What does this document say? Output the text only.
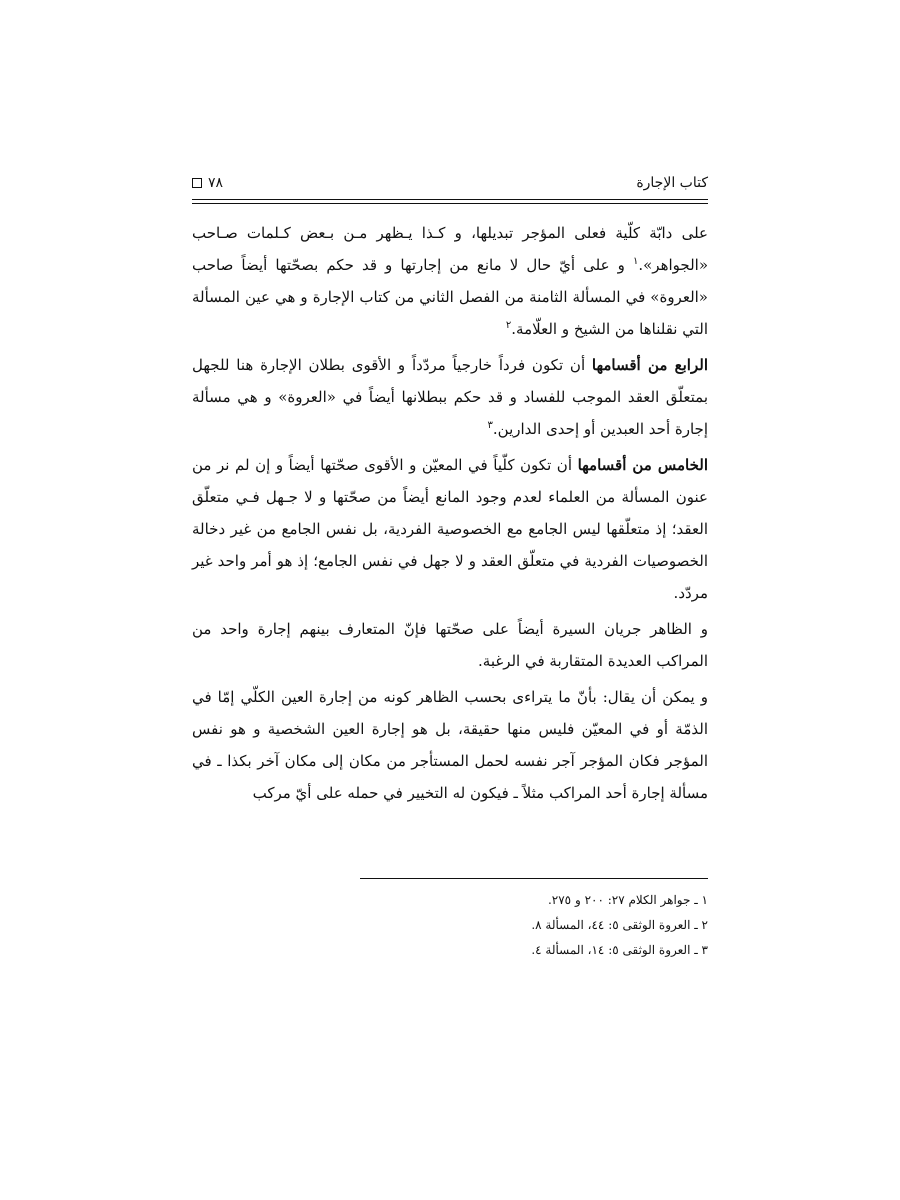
كتاب الإجارة
٧٨

على دابّة كلّية فعلى المؤجر تبديلها، و كـذا يـظهر مـن بـعض كـلمات صـاحب «الجواهر».$^١$ و على أيّ حال لا مانع من إجارتها و قد حكم بصحّتها أيضاً صاحب «العروة» في المسألة الثامنة من الفصل الثاني من كتاب الإجارة و هي عين المسألة التي نقلناها من الشيخ و العلّامة.$^٢$

الرابع من أقسامها أن تكون فرداً خارجياً مردّداً و الأقوى بطلان الإجارة هنا للجهل بمتعلّق العقد الموجب للفساد و قد حكم ببطلانها أيضاً في «العروة» و هي مسألة إجارة أحد العبدين أو إحدى الدارين.$^٣$

الخامس من أقسامها أن تكون كلّياً في المعيّن و الأقوى صحّتها أيضاً و إن لم نر من عنون المسألة من العلماء لعدم وجود المانع أيضاً من صحّتها و لا جـهل فـي متعلّق العقد؛ إذ متعلّقها ليس الجامع مع الخصوصية الفردية، بل نفس الجامع من غير دخالة الخصوصيات الفردية في متعلّق العقد و لا جهل في نفس الجامع؛ إذ هو أمر واحد غير مردّد.

و الظاهر جريان السيرة أيضاً على صحّتها فإنّ المتعارف بينهم إجارة واحد من المراكب العديدة المتقاربة في الرغبة.

و يمكن أن يقال: بأنّ ما يتراءى بحسب الظاهر كونه من إجارة العين الكلّي إمّا في الذمّة أو في المعيّن فليس منها حقيقة، بل هو إجارة العين الشخصية و هو نفس المؤجر فكان المؤجر آجر نفسه لحمل المستأجر من مكان إلى مكان آخر بكذا ـ في مسألة إجارة أحد المراكب مثلاً ـ فيكون له التخيير في حمله على أيّ مركب

١ ـ جواهر الكلام ٢٧: ٢٠٠ و ٢٧٥.

٢ ـ العروة الوثقى ٥: ٤٤، المسألة ٨.

٣ ـ العروة الوثقى ٥: ١٤، المسألة ٤.
